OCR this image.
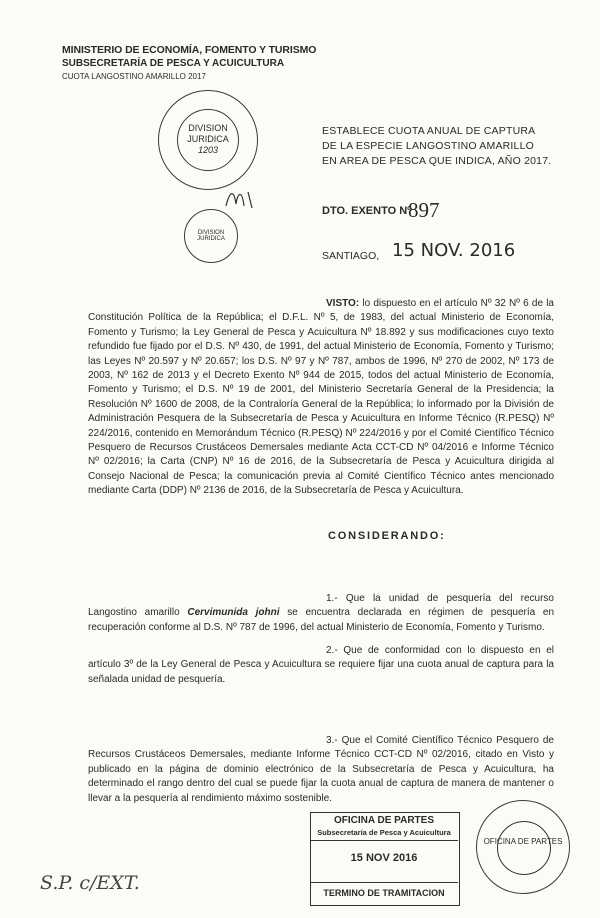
MINISTERIO DE ECONOMÍA, FOMENTO Y TURISMO
SUBSECRETARÍA DE PESCA Y ACUICULTURA
CUOTA LANGOSTINO AMARILLO 2017
DIVISION
JURIDICA
1203
DIVISION JURIDICA
ESTABLECE CUOTA ANUAL DE CAPTURA DE LA ESPECIE LANGOSTINO AMARILLO EN AREA DE PESCA QUE INDICA, AÑO 2017.
DTO. EXENTO Nº
897
SANTIAGO, 15 NOV. 2016
VISTO: lo dispuesto en el artículo Nº 32 Nº 6 de la Constitución Política de la República; el D.F.L. Nº 5, de 1983, del actual Ministerio de Economía, Fomento y Turismo; la Ley General de Pesca y Acuicultura Nº 18.892 y sus modificaciones cuyo texto refundido fue fijado por el D.S. Nº 430, de 1991, del actual Ministerio de Economía, Fomento y Turismo; las Leyes Nº 20.597 y Nº 20.657; los D.S. Nº 97 y Nº 787, ambos de 1996, Nº 270 de 2002, Nº 173 de 2003, Nº 162 de 2013 y el Decreto Exento Nº 944 de 2015, todos del actual Ministerio de Economía, Fomento y Turismo; el D.S. Nº 19 de 2001, del Ministerio Secretaría General de la Presidencia; la Resolución Nº 1600 de 2008, de la Contraloría General de la República; lo informado por la División de Administración Pesquera de la Subsecretaría de Pesca y Acuicultura en Informe Técnico (R.PESQ) Nº 224/2016, contenido en Memorándum Técnico (R.PESQ) Nº 224/2016 y por el Comité Científico Técnico Pesquero de Recursos Crustáceos Demersales mediante Acta CCT-CD Nº 04/2016 e Informe Técnico Nº 02/2016; la Carta (CNP) Nº 16 de 2016, de la Subsecretaría de Pesca y Acuicultura dirigida al Consejo Nacional de Pesca; la comunicación previa al Comité Científico Técnico antes mencionado mediante Carta (DDP) Nº 2136 de 2016, de la Subsecretaría de Pesca y Acuicultura.
CONSIDERANDO:
1.- Que la unidad de pesquería del recurso Langostino amarillo Cervimunida johni se encuentra declarada en régimen de pesquería en recuperación conforme al D.S. Nº 787 de 1996, del actual Ministerio de Economía, Fomento y Turismo.
2.- Que de conformidad con lo dispuesto en el artículo 3º de la Ley General de Pesca y Acuicultura se requiere fijar una cuota anual de captura para la señalada unidad de pesquería.
3.- Que el Comité Científico Técnico Pesquero de Recursos Crustáceos Demersales, mediante Informe Técnico CCT-CD Nº 02/2016, citado en Visto y publicado en la página de dominio electrónico de la Subsecretaría de Pesca y Acuicultura, ha determinado el rango dentro del cual se puede fijar la cuota anual de captura de manera de mantener o llevar a la pesquería al rendimiento máximo sostenible.
OFICINA DE PARTES
Subsecretaría de Pesca y Acuicultura
15 NOV 2016
TERMINO DE TRAMITACION
OFICINA DE PARTES
S.P. c/EXT.
